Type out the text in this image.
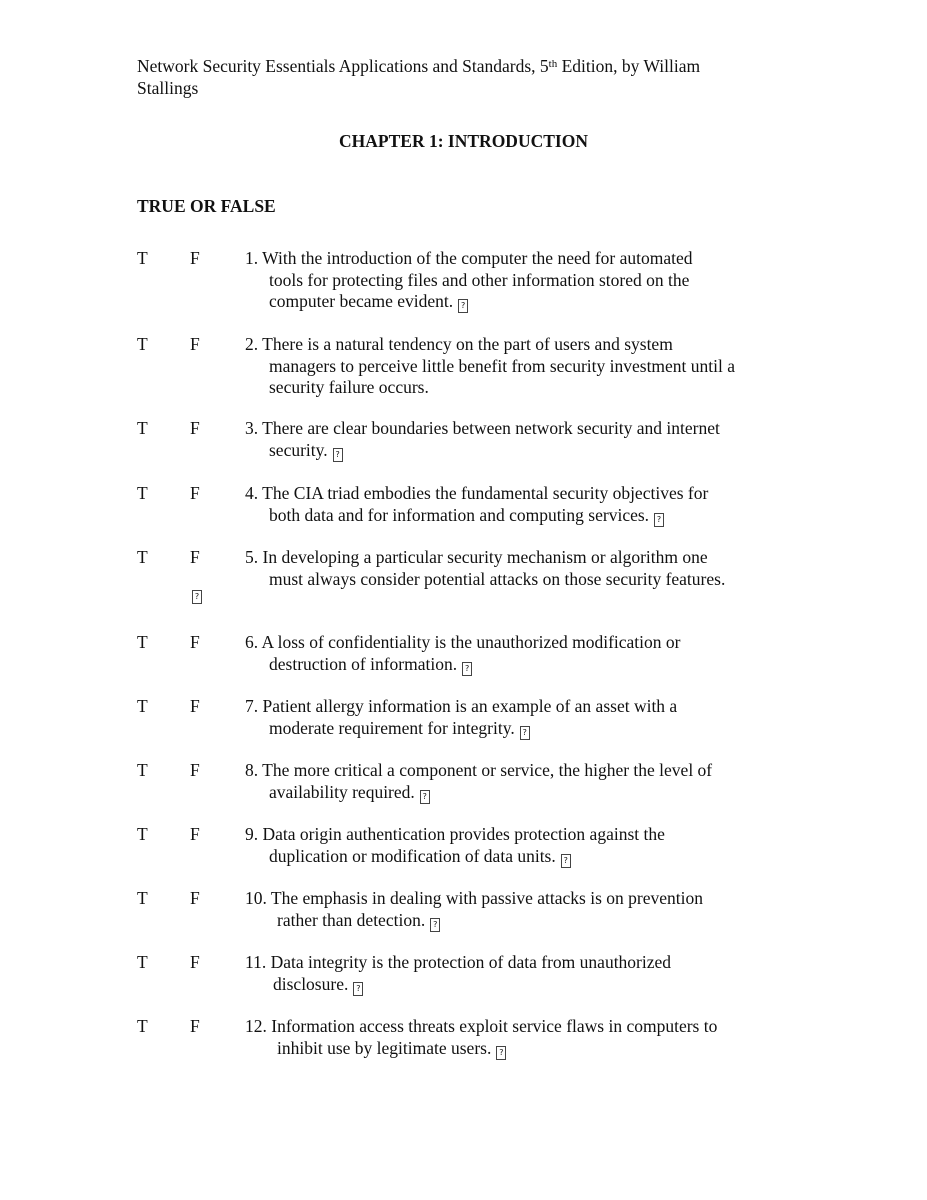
Network Security Essentials Applications and Standards, 5th Edition, by William
Stallings
CHAPTER 1: INTRODUCTION
TRUE OR FALSE
T F	1. With the introduction of the computer the need for automated
tools for protecting files and other information stored on the
computer became evident. ?
T F	2. There is a natural tendency on the part of users and system
managers to perceive little benefit from security investment until a
security failure occurs.
T F	3. There are clear boundaries between network security and internet
security. ?
T F	4. The CIA triad embodies the fundamental security objectives for
both data and for information and computing services. ?
T F	5. In developing a particular security mechanism or algorithm one
must always consider potential attacks on those security features.
?
T F	6. A loss of confidentiality is the unauthorized modification or
destruction of information. ?
T F	7. Patient allergy information is an example of an asset with a
moderate requirement for integrity. ?
T F	8. The more critical a component or service, the higher the level of
availability required. ?
T F	9. Data origin authentication provides protection against the
duplication or modification of data units. ?
T F	10. The emphasis in dealing with passive attacks is on prevention
rather than detection. ?
T F	11. Data integrity is the protection of data from unauthorized
disclosure. ?
T F	12. Information access threats exploit service flaws in computers to
inhibit use by legitimate users. ?
